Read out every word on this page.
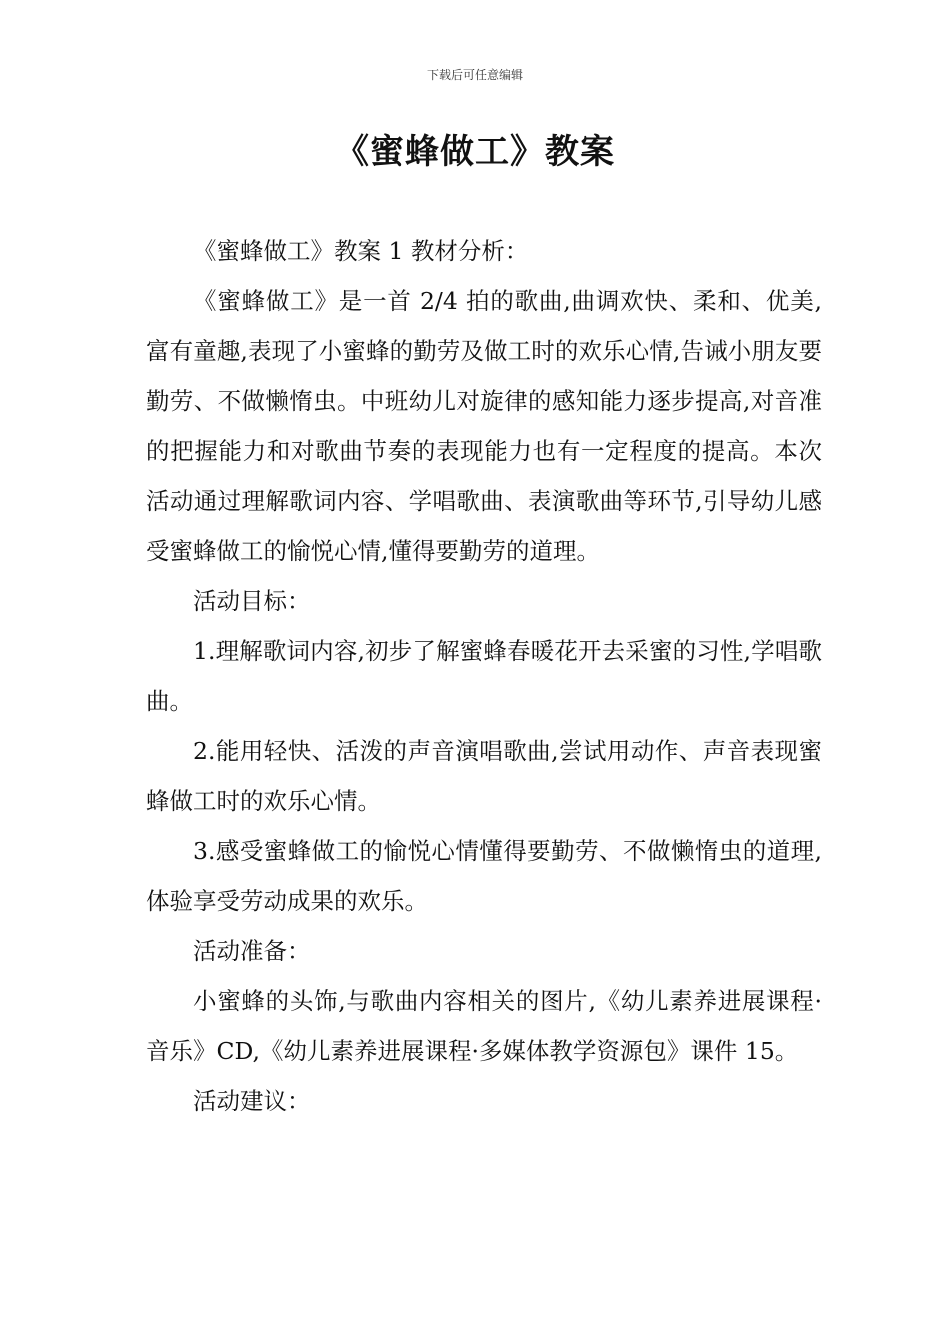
下载后可任意编辑
《蜜蜂做工》教案

《蜜蜂做工》教案 1 教材分析：

《蜜蜂做工》是一首 2/4 拍的歌曲,曲调欢快、柔和、优美,富有童趣,表现了小蜜蜂的勤劳及做工时的欢乐心情,告诫小朋友要勤劳、不做懒惰虫。中班幼儿对旋律的感知能力逐步提高,对音准的把握能力和对歌曲节奏的表现能力也有一定程度的提高。本次活动通过理解歌词内容、学唱歌曲、表演歌曲等环节,引导幼儿感受蜜蜂做工的愉悦心情,懂得要勤劳的道理。

活动目标：

1.理解歌词内容,初步了解蜜蜂春暖花开去采蜜的习性,学唱歌曲。

2.能用轻快、活泼的声音演唱歌曲,尝试用动作、声音表现蜜蜂做工时的欢乐心情。

3.感受蜜蜂做工的愉悦心情懂得要勤劳、不做懒惰虫的道理,体验享受劳动成果的欢乐。

活动准备：

小蜜蜂的头饰,与歌曲内容相关的图片,《幼儿素养进展课程·音乐》CD,《幼儿素养进展课程·多媒体教学资源包》课件 15。

活动建议：
